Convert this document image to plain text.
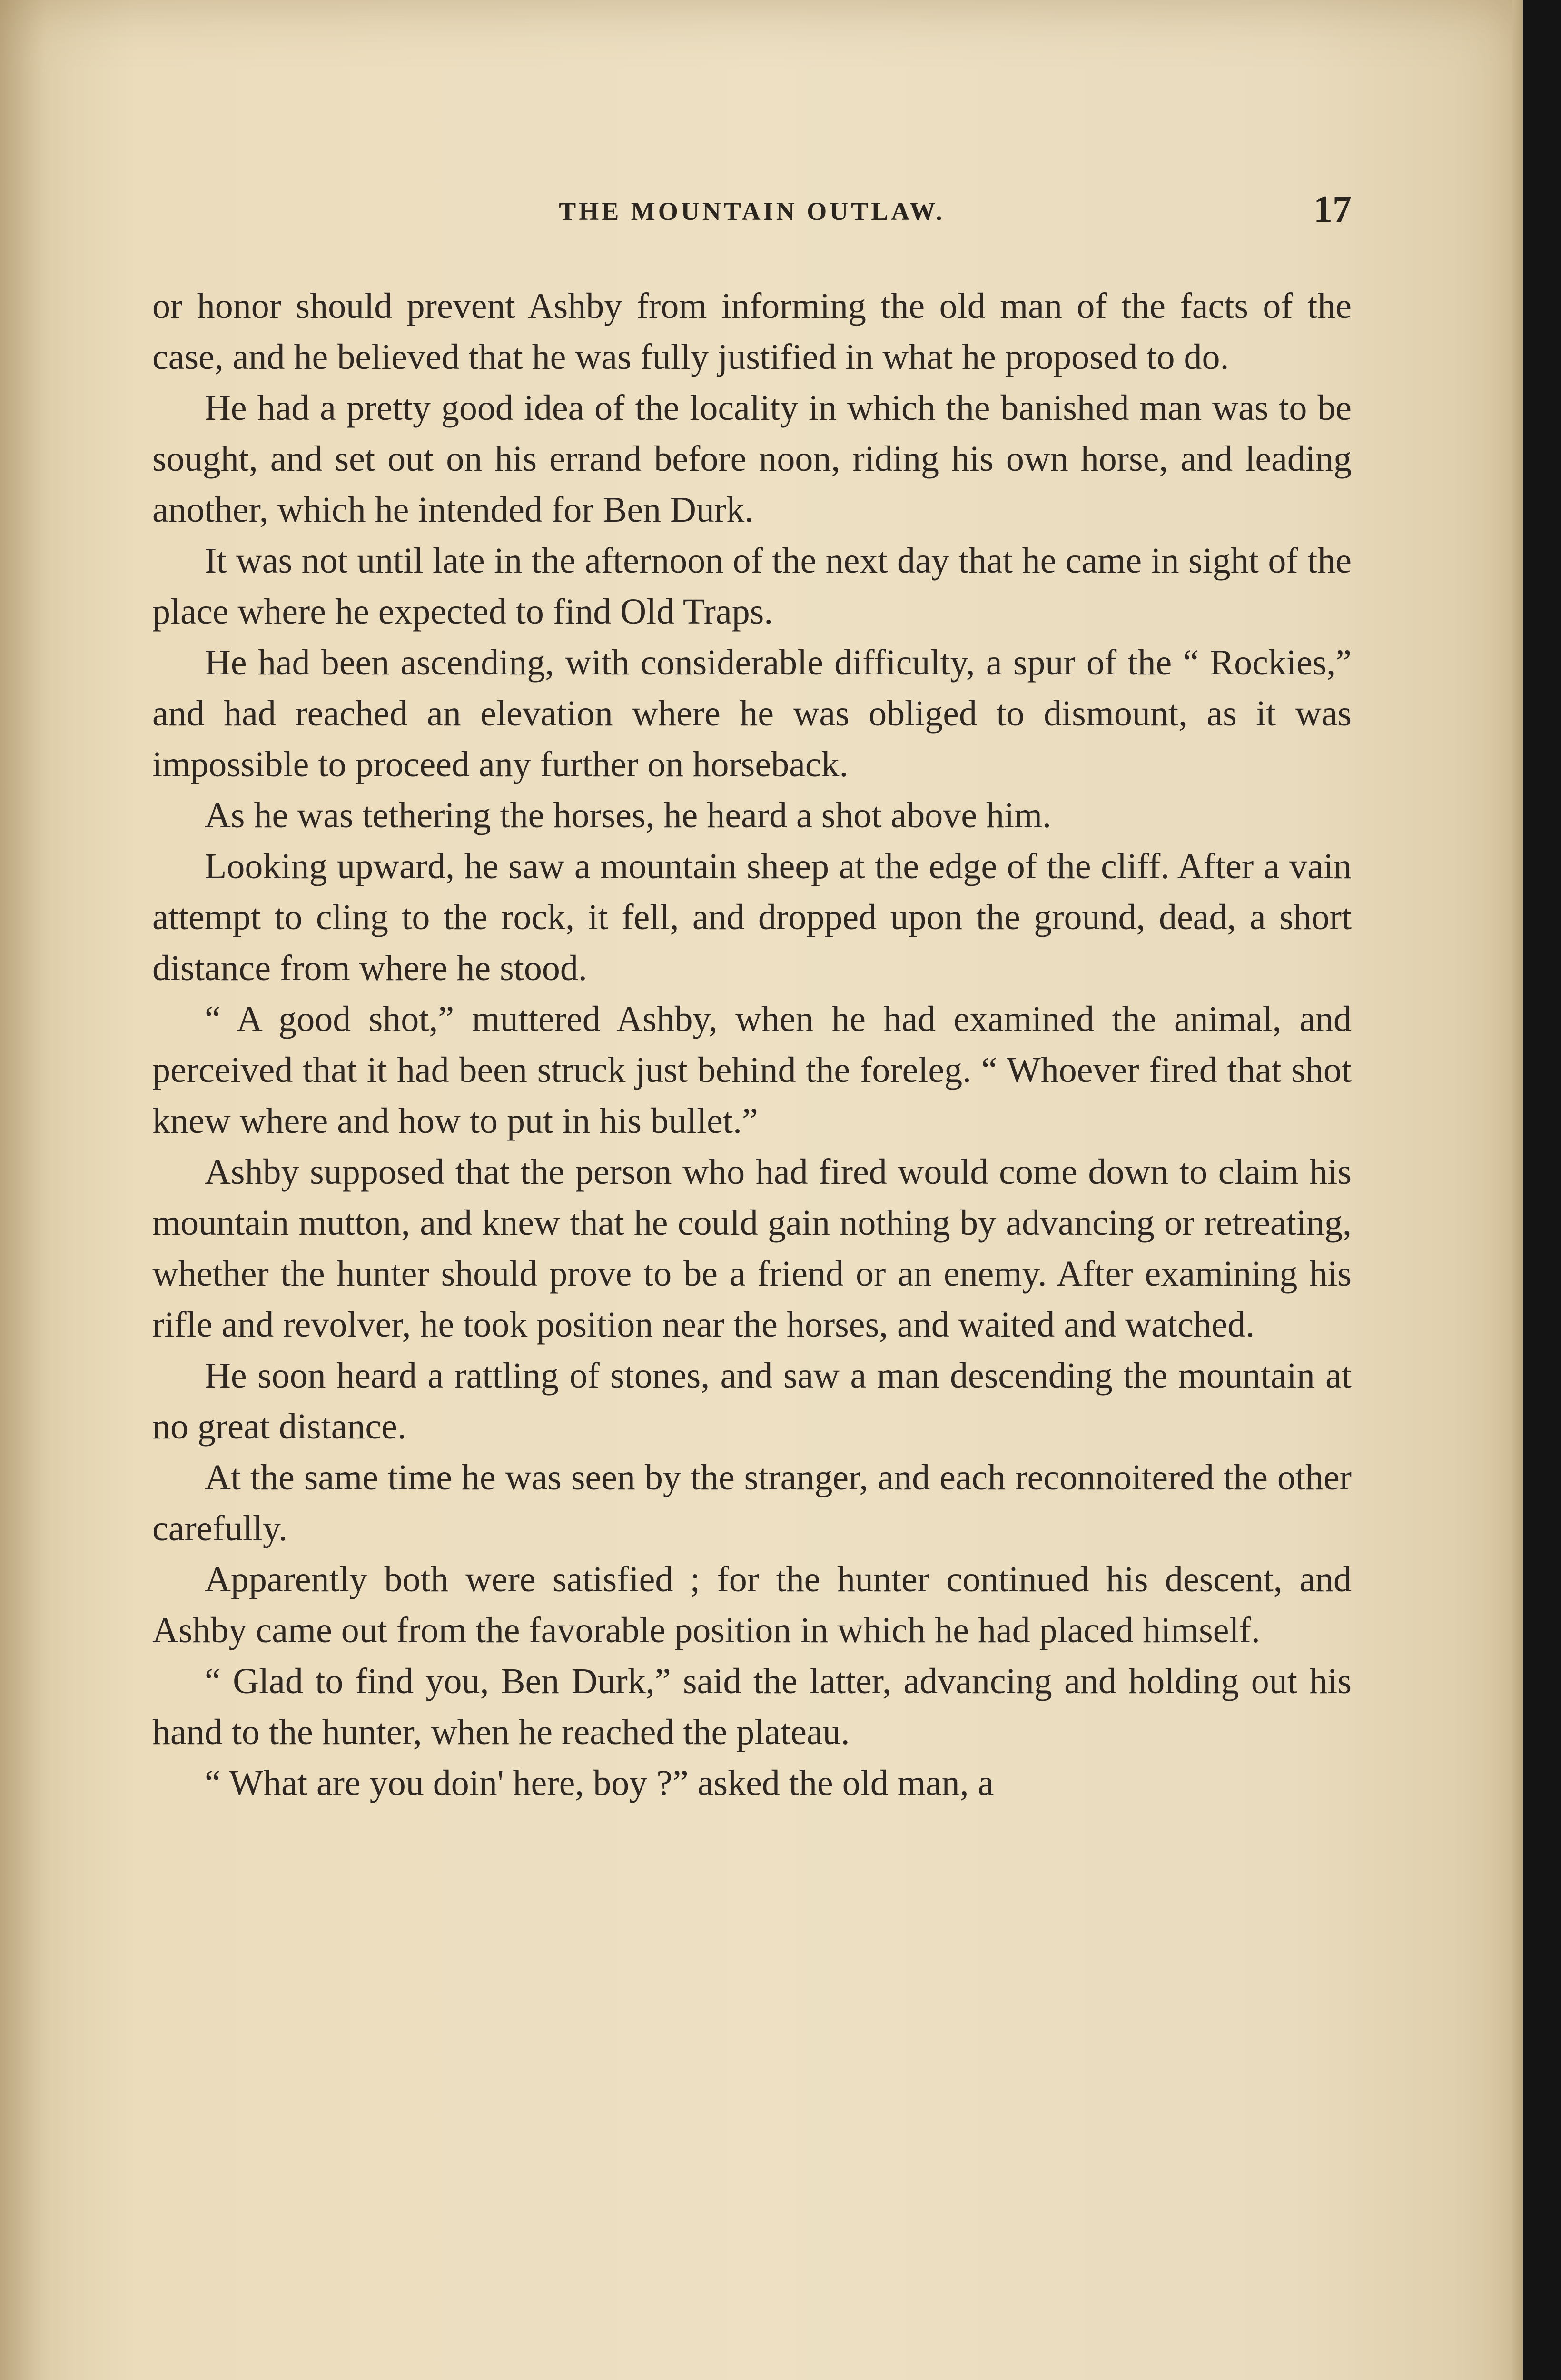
THE MOUNTAIN OUTLAW.	17

or honor should prevent Ashby from informing the old man of the facts of the case, and he believed that he was fully justified in what he proposed to do.

He had a pretty good idea of the locality in which the banished man was to be sought, and set out on his errand before noon, riding his own horse, and leading another, which he intended for Ben Durk.

It was not until late in the afternoon of the next day that he came in sight of the place where he expected to find Old Traps.

He had been ascending, with considerable difficulty, a spur of the “ Rockies,” and had reached an elevation where he was obliged to dismount, as it was impossible to proceed any further on horseback.

As he was tethering the horses, he heard a shot above him.

Looking upward, he saw a mountain sheep at the edge of the cliff. After a vain attempt to cling to the rock, it fell, and dropped upon the ground, dead, a short distance from where he stood.

“ A good shot,” muttered Ashby, when he had examined the animal, and perceived that it had been struck just behind the foreleg. “ Whoever fired that shot knew where and how to put in his bullet.”

Ashby supposed that the person who had fired would come down to claim his mountain mutton, and knew that he could gain nothing by advancing or retreating, whether the hunter should prove to be a friend or an enemy. After examining his rifle and revolver, he took position near the horses, and waited and watched.

He soon heard a rattling of stones, and saw a man descending the mountain at no great distance.

At the same time he was seen by the stranger, and each reconnoitered the other carefully.

Apparently both were satisfied ; for the hunter continued his descent, and Ashby came out from the favorable position in which he had placed himself.

“ Glad to find you, Ben Durk,” said the latter, advancing and holding out his hand to the hunter, when he reached the plateau.

“ What are you doin' here, boy ?” asked the old man, a
